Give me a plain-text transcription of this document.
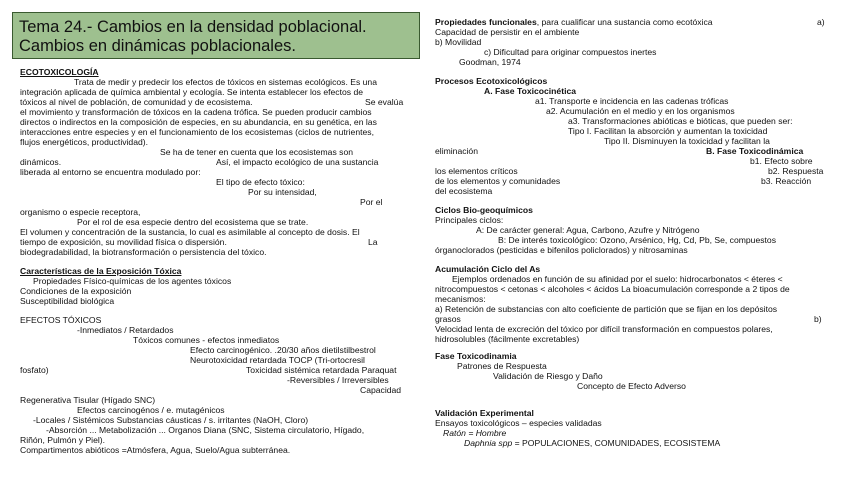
Tema 24.- Cambios en la densidad poblacional.
Cambios en dinámicas poblacionales.
ECOTOXICOLOGÍA
Trata de medir y predecir los efectos de tóxicos en sistemas ecológicos. Es una
integración aplicada de química ambiental y ecología. Se intenta establecer los efectos de
tóxicos al nivel de población, de comunidad y de ecosistema.	Se evalúa
el movimiento y transformación de tóxicos en la cadena trófica. Se pueden producir cambios
directos o indirectos en la composición de especies, en su abundancia, en su genética, en las
interacciones entre especies y en el funcionamiento de los ecosistemas (ciclos de nutrientes,
flujos energéticos, productividad).
Se ha de tener en cuenta que los ecosistemas son
dinámicos.	Así, el impacto ecológico de una sustancia
liberada al entorno se encuentra modulado por:
El tipo de efecto tóxico:
Por su intensidad,
Por el
organismo o especie receptora,
Por el rol de esa especie dentro del ecosistema que se trate.
El volumen y concentración de la sustancia, lo cual es asimilable al concepto de dosis. El
tiempo de exposición, su movilidad física o dispersión.	La
biodegradabilidad, la biotransformación o persistencia del tóxico.
Características de la Exposición Tóxica
Propiedades Físico-químicas de los agentes tóxicos
Condiciones de la exposición
Susceptibilidad biológica
EFECTOS TÓXICOS
-Inmediatos / Retardados
Tóxicos comunes - efectos inmediatos
Efecto carcinogénico. .20/30 años dietilstilbestrol
Neurotoxicidad retardada TOCP (Tri-ortocresil
fosfato)	Toxicidad sistémica retardada Paraquat
-Reversibles / Irreversibles
Capacidad
Regenerativa Tisular (Hígado SNC)
Efectos carcinogénos / e. mutagénicos
-Locales / Sistémicos Substancias cáusticas / s. irritantes (NaOH, Cloro)
-Absorción ... Metabolización ... Organos Diana (SNC, Sistema circulatorio, Hígado,
Riñón, Pulmón y Piel).
Compartimentos abióticos =Atmósfera, Agua, Suelo/Agua subterránea.
Propiedades funcionales, para cualificar una sustancia como ecotóxica	a)
Capacidad de persistir en el ambiente
b) Movilidad
c) Dificultad para originar compuestos inertes
Goodman, 1974
Procesos Ecotoxicológicos
A. Fase Toxicocinética
a1. Transporte e incidencia en las cadenas tróficas
a2. Acumulación en el medio y en los organismos
a3. Transformaciones abióticas e bióticas, que pueden ser:
Tipo I. Facilitan la absorción y aumentan la toxicidad
Tipo II. Disminuyen la toxicidad y facilitan la
eliminación	B. Fase Toxicodinámica
b1. Efecto sobre
los elementos críticos	b2. Respuesta
de los elementos y comunidades	b3. Reacción
del ecosistema
Ciclos Bio-geoquímicos
Principales ciclos:
A: De carácter general: Agua, Carbono, Azufre y Nitrógeno
B: De interés toxicológico: Ozono, Arsénico, Hg, Cd, Pb, Se, compuestos
órganoclorados (pesticidas e bifenilos policlorados) y nitrosaminas
Acumulación Ciclo del As
Ejemplos ordenados en función de su afinidad por el suelo: hidrocarbonatos < éteres <
nitrocompuestos < cetonas < alcoholes < ácidos La bioacumulación corresponde a 2 tipos de
mecanismos:
a) Retención de substancias con alto coeficiente de partición que se fijan en los depósitos
grasos	b)
Velocidad lenta de excreción del tóxico por difícil transformación en compuestos polares,
hidrosolubles (fácilmente excretables)
Fase Toxicodinamia
Patrones de Respuesta
Validación de Riesgo y Daño
Concepto de Efecto Adverso
Validación Experimental
Ensayos toxicológicos – especies validadas
Ratón = Hombre
Daphnia spp = POPULACIONES, COMUNIDADES, ECOSISTEMA
